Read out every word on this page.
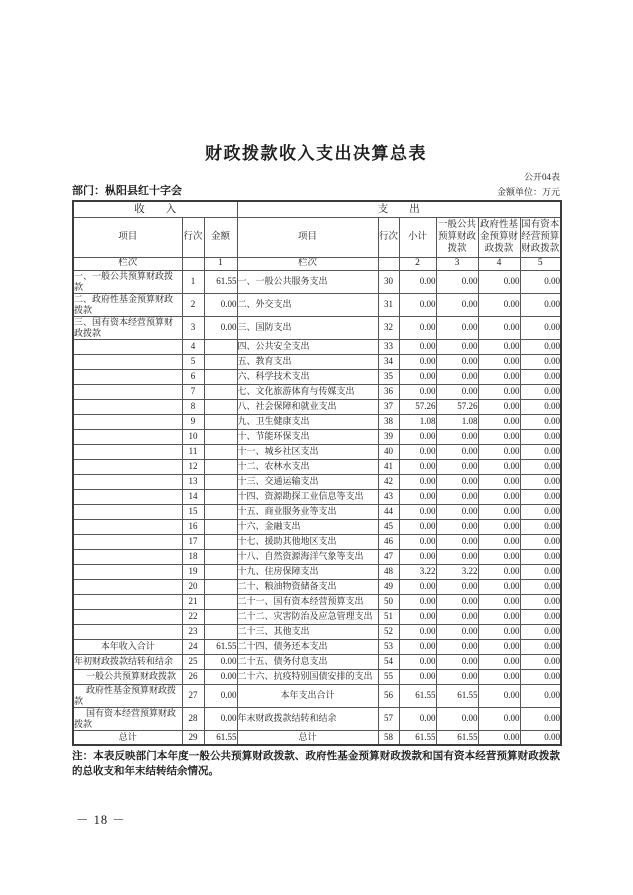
财政拨款收入支出决算总表
公开04表
部门：枞阳县红十字会	金额单位：万元
收　　入			支　　出					
项目	行次	金额	项目	行次	小计	一般公共预算财政拨款	政府性基金预算财政拨款	国有资本经营预算财政拨款
栏次		1	栏次		2	3	4	5
一、一般公共预算财政拨款	1	61.55	一、一般公共服务支出	30	0.00	0.00	0.00	0.00
二、政府性基金预算财政拨款	2	0.00	二、外交支出	31	0.00	0.00	0.00	0.00
三、国有资本经营预算财政拨款	3	0.00	三、国防支出	32	0.00	0.00	0.00	0.00
	4		四、公共安全支出	33	0.00	0.00	0.00	0.00
	5		五、教育支出	34	0.00	0.00	0.00	0.00
	6		六、科学技术支出	35	0.00	0.00	0.00	0.00
	7		七、文化旅游体育与传媒支出	36	0.00	0.00	0.00	0.00
	8		八、社会保障和就业支出	37	57.26	57.26	0.00	0.00
	9		九、卫生健康支出	38	1.08	1.08	0.00	0.00
	10		十、节能环保支出	39	0.00	0.00	0.00	0.00
	11		十一、城乡社区支出	40	0.00	0.00	0.00	0.00
	12		十二、农林水支出	41	0.00	0.00	0.00	0.00
	13		十三、交通运输支出	42	0.00	0.00	0.00	0.00
	14		十四、资源勘探工业信息等支出	43	0.00	0.00	0.00	0.00
	15		十五、商业服务业等支出	44	0.00	0.00	0.00	0.00
	16		十六、金融支出	45	0.00	0.00	0.00	0.00
	17		十七、援助其他地区支出	46	0.00	0.00	0.00	0.00
	18		十八、自然资源海洋气象等支出	47	0.00	0.00	0.00	0.00
	19		十九、住房保障支出	48	3.22	3.22	0.00	0.00
	20		二十、粮油物资储备支出	49	0.00	0.00	0.00	0.00
	21		二十一、国有资本经营预算支出	50	0.00	0.00	0.00	0.00
	22		二十二、灾害防治及应急管理支出	51	0.00	0.00	0.00	0.00
	23		二十三、其他支出	52	0.00	0.00	0.00	0.00
本年收入合计	24	61.55	二十四、债务还本支出	53	0.00	0.00	0.00	0.00
年初财政拨款结转和结余	25	0.00	二十五、债务付息支出	54	0.00	0.00	0.00	0.00
一般公共预算财政拨款	26	0.00	二十六、抗疫特别国债安排的支出	55	0.00	0.00	0.00	0.00
政府性基金预算财政拨款	27	0.00	本年支出合计	56	61.55	61.55	0.00	0.00
国有资本经营预算财政拨款	28	0.00	年末财政拨款结转和结余	57	0.00	0.00	0.00	0.00
总计	29	61.55	总计	58	61.55	61.55	0.00	0.00
注：本表反映部门本年度一般公共预算财政拨款、政府性基金预算财政拨款和国有资本经营预算财政拨款的总收支和年末结转结余情况。
－ 18 －
